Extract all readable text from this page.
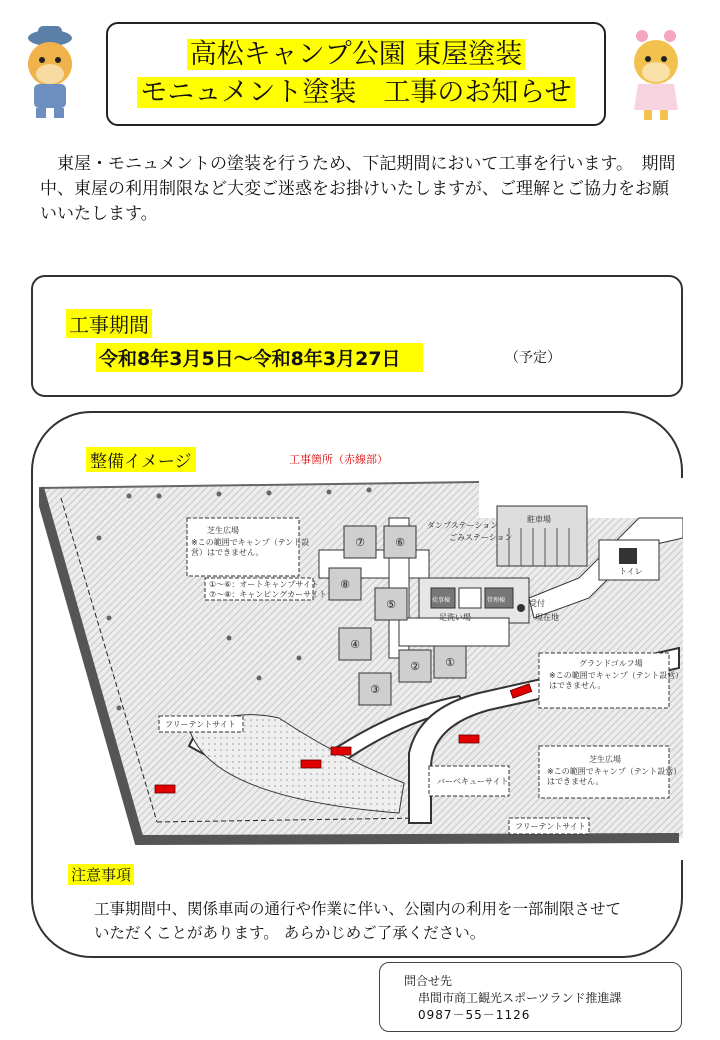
高松キャンプ公園 東屋塗装
モニュメント塗装　工事のお知らせ
　東屋・モニュメントの塗装を行うため、下記期間において工事を行います。　期間中、東屋の利用制限など大変ご迷惑をお掛けいたしますが、ご理解とご協力をお願いいたします。
工事期間
令和8年3月5日～令和8年3月27日	（予定）
整備イメージ	工事箇所（赤線部）
⑦	⑥
⑧
⑤
④
③
② ①
芝生広場
※この範囲でキャンプ（テント設
営）はできません。
①～⑥：オートキャンプサイト
⑦～⑧：キャンピングカーサイト
ダンプステーション
ごみステーション
駐車場
トイレ
炊事棟	管理棟	受付
現在地
足洗い場
グランドゴルフ場
※この範囲でキャンプ（テント設営）
はできません。
フリーテントサイト
バーベキューサイト
芝生広場
※この範囲でキャンプ（テント設営）
はできません。
フリーテントサイト
注意事項
工事期間中、関係車両の通行や作業に伴い、公園内の利用を一部制限させていただくことがあります。 あらかじめご了承ください。
問合せ先
串間市商工観光スポーツランド推進課
0987－55－1126
